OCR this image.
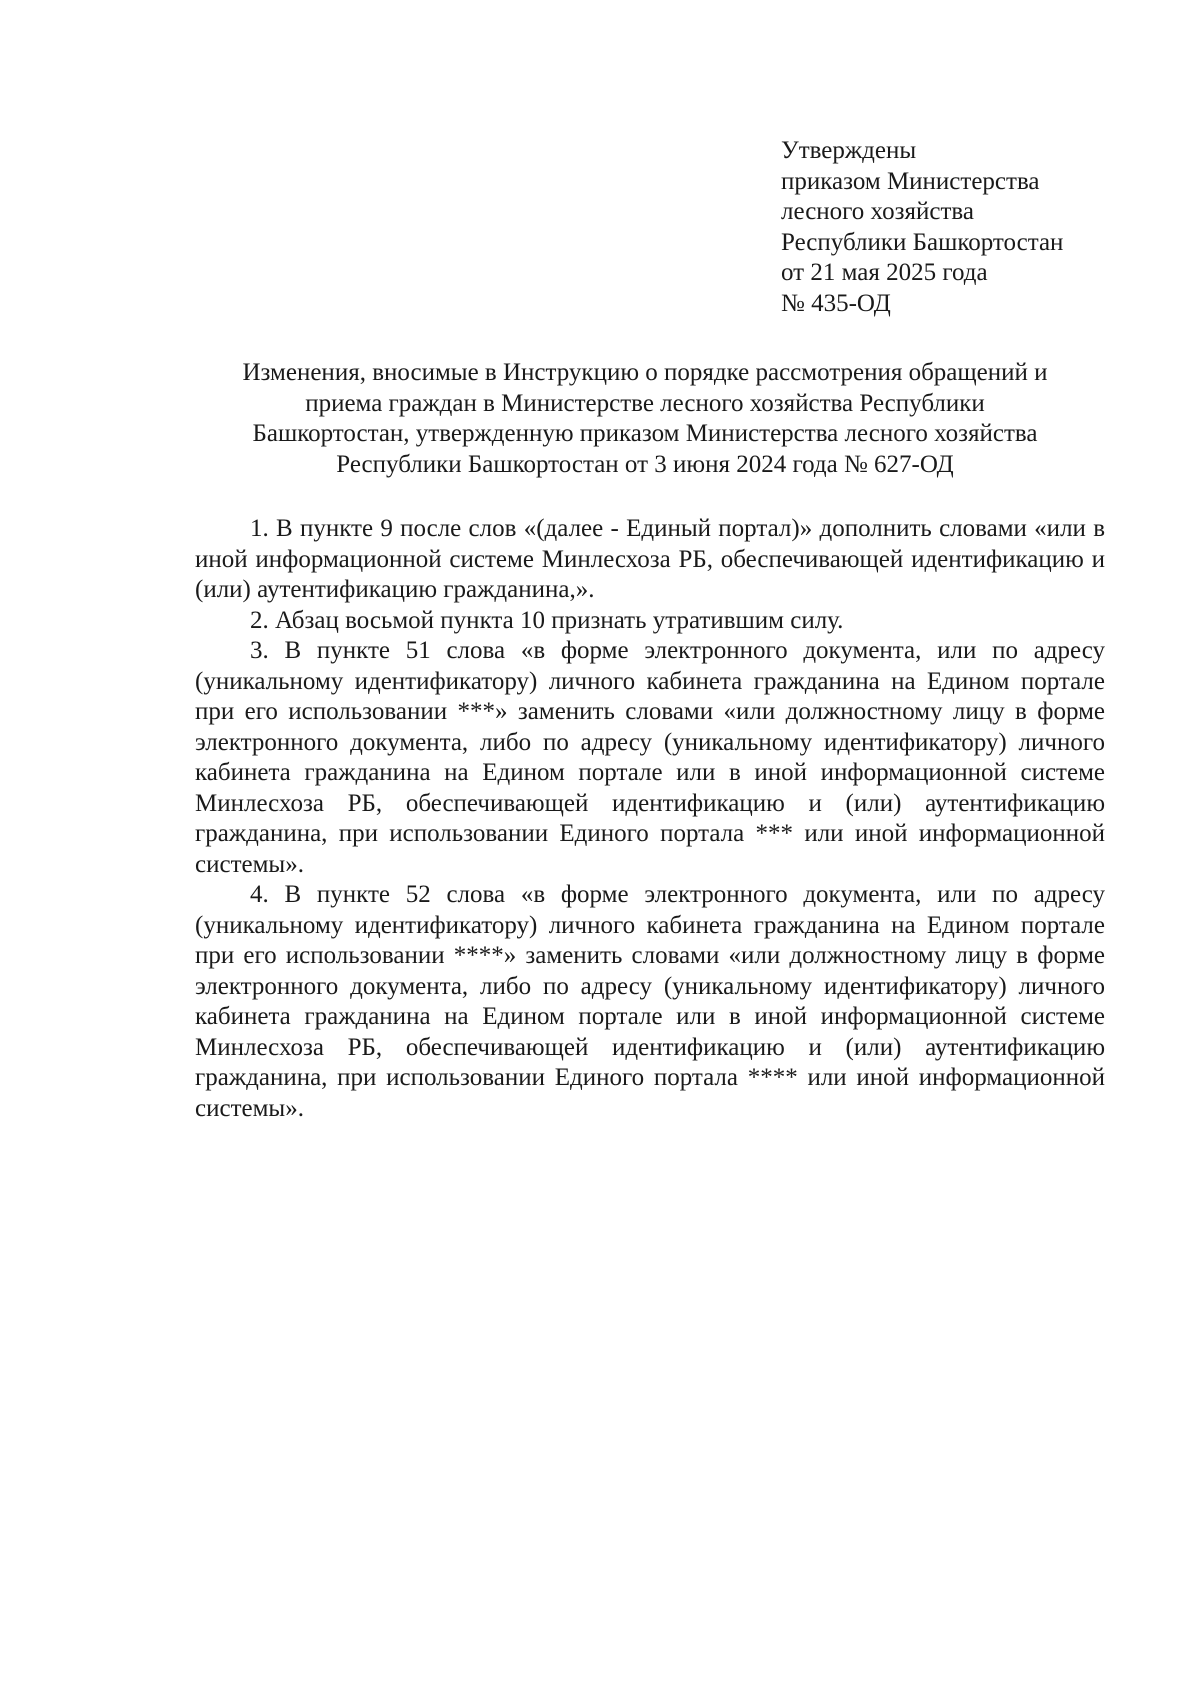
Утверждены
приказом Министерства
лесного хозяйства
Республики Башкортостан
от 21 мая 2025 года
№ 435-ОД
Изменения, вносимые в Инструкцию о порядке рассмотрения обращений и
приема граждан в Министерстве лесного хозяйства Республики
Башкортостан, утвержденную приказом Министерства лесного хозяйства
Республики Башкортостан от 3 июня 2024 года № 627-ОД

1. В пункте 9 после слов «(далее - Единый портал)» дополнить словами «или в иной информационной системе Минлесхоза РБ, обеспечивающей идентификацию и (или) аутентификацию гражданина,».

2. Абзац восьмой пункта 10 признать утратившим силу.

3. В пункте 51 слова «в форме электронного документа, или по адресу (уникальному идентификатору) личного кабинета гражданина на Едином портале при его использовании ***» заменить словами «или должностному лицу в форме электронного документа, либо по адресу (уникальному идентификатору) личного кабинета гражданина на Едином портале или в иной информационной системе Минлесхоза РБ, обеспечивающей идентификацию и (или) аутентификацию гражданина, при использовании Единого портала *** или иной информационной системы».

4. В пункте 52 слова «в форме электронного документа, или по адресу (уникальному идентификатору) личного кабинета гражданина на Едином портале при его использовании ****» заменить словами «или должностному лицу в форме электронного документа, либо по адресу (уникальному идентификатору) личного кабинета гражданина на Едином портале или в иной информационной системе Минлесхоза РБ, обеспечивающей идентификацию и (или) аутентификацию гражданина, при использовании Единого портала **** или иной информационной системы».
